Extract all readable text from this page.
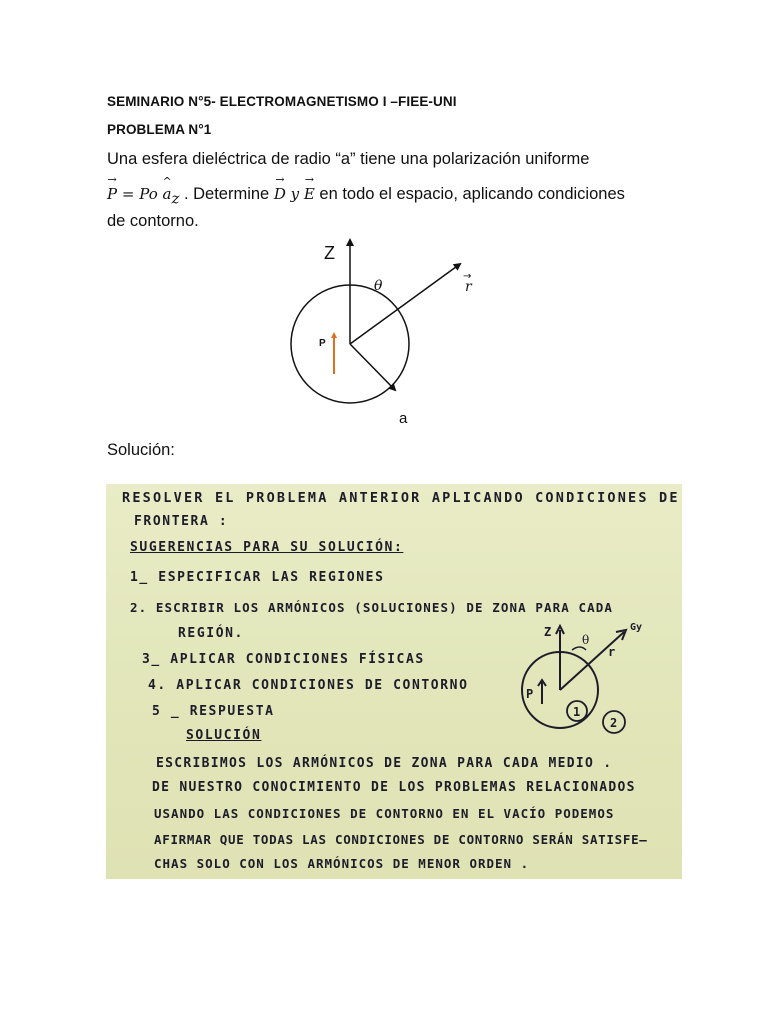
SEMINARIO N°5- ELECTROMAGNETISMO I –FIEE-UNI
PROBLEMA N°1
Una esfera dieléctrica de radio “a” tiene una polarización uniforme
→ P = Po ^ $a_z$ . Determine → D y → E en todo el espacio, aplicando condiciones
de contorno.
Z
θ	r
→
P
a
Solución:
RESOLVER EL PROBLEMA ANTERIOR APLICANDO CONDICIONES DE
FRONTERA :
SUGERENCIAS PARA SU SOLUCIÓN:
1_ ESPECIFICAR LAS REGIONES
2. ESCRIBIR LOS ARMÓNICOS (SOLUCIONES) DE ZONA PARA CADA
REGIÓN.
3_ APLICAR CONDICIONES FÍSICAS
4. APLICAR CONDICIONES DE CONTORNO
5 _ RESPUESTA
SOLUCIÓN
ESCRIBIMOS LOS ARMÓNICOS DE ZONA PARA CADA MEDIO .
DE NUESTRO CONOCIMIENTO DE LOS PROBLEMAS RELACIONADOS
USANDO LAS CONDICIONES DE CONTORNO EN EL VACÍO PODEMOS
AFIRMAR QUE TODAS LAS CONDICIONES DE CONTORNO SERÁN SATISFE—
CHAS SOLO CON LOS ARMÓNICOS DE MENOR ORDEN .
Z
θ
r
Gy
P
1
2
